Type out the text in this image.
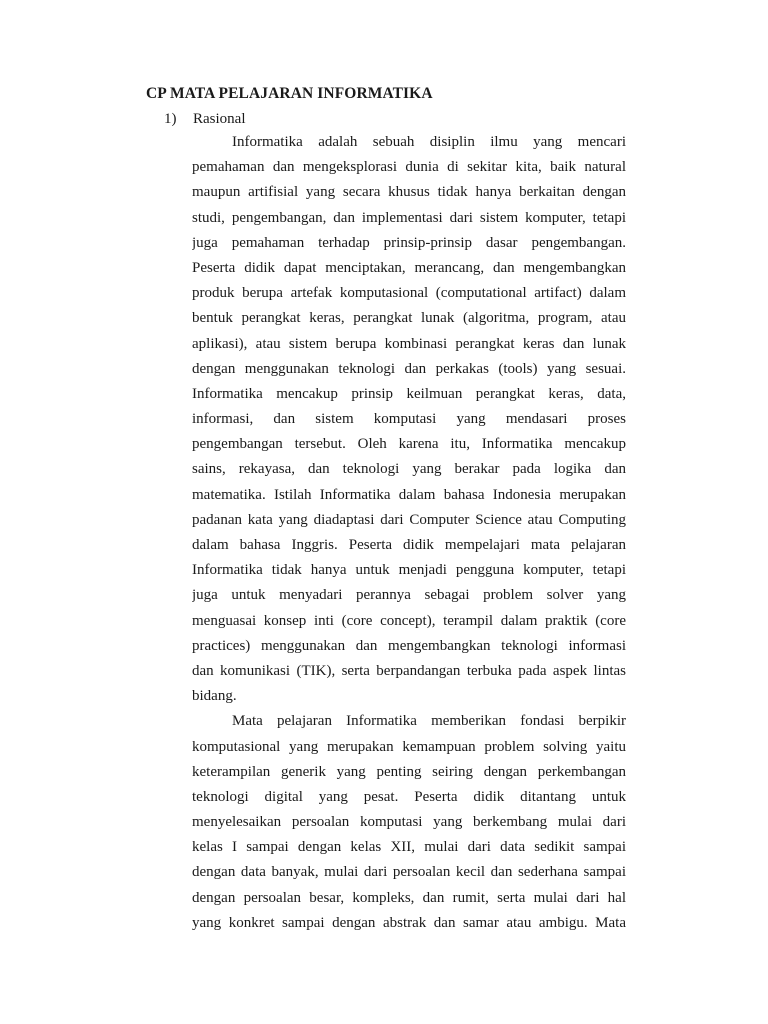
CP MATA PELAJARAN INFORMATIKA
1) Rasional
Informatika adalah sebuah disiplin ilmu yang mencari
pemahaman dan mengeksplorasi dunia di sekitar kita, baik natural
maupun artifisial yang secara khusus tidak hanya berkaitan dengan
studi, pengembangan, dan implementasi dari sistem komputer, tetapi
juga pemahaman terhadap prinsip-prinsip dasar pengembangan.
Peserta didik dapat menciptakan, merancang, dan mengembangkan
produk berupa artefak komputasional (computational artifact) dalam
bentuk perangkat keras, perangkat lunak (algoritma, program, atau
aplikasi), atau sistem berupa kombinasi perangkat keras dan lunak
dengan menggunakan teknologi dan perkakas (tools) yang sesuai.
Informatika mencakup prinsip keilmuan perangkat keras, data,
informasi, dan sistem komputasi yang mendasari proses
pengembangan tersebut. Oleh karena itu, Informatika mencakup
sains, rekayasa, dan teknologi yang berakar pada logika dan
matematika. Istilah Informatika dalam bahasa Indonesia merupakan
padanan kata yang diadaptasi dari Computer Science atau Computing
dalam bahasa Inggris. Peserta didik mempelajari mata pelajaran
Informatika tidak hanya untuk menjadi pengguna komputer, tetapi
juga untuk menyadari perannya sebagai problem solver yang
menguasai konsep inti (core concept), terampil dalam praktik (core
practices) menggunakan dan mengembangkan teknologi informasi
dan komunikasi (TIK), serta berpandangan terbuka pada aspek lintas
bidang.
Mata pelajaran Informatika memberikan fondasi berpikir
komputasional yang merupakan kemampuan problem solving yaitu
keterampilan generik yang penting seiring dengan perkembangan
teknologi digital yang pesat. Peserta didik ditantang untuk
menyelesaikan persoalan komputasi yang berkembang mulai dari
kelas I sampai dengan kelas XII, mulai dari data sedikit sampai
dengan data banyak, mulai dari persoalan kecil dan sederhana sampai
dengan persoalan besar, kompleks, dan rumit, serta mulai dari hal
yang konkret sampai dengan abstrak dan samar atau ambigu. Mata
